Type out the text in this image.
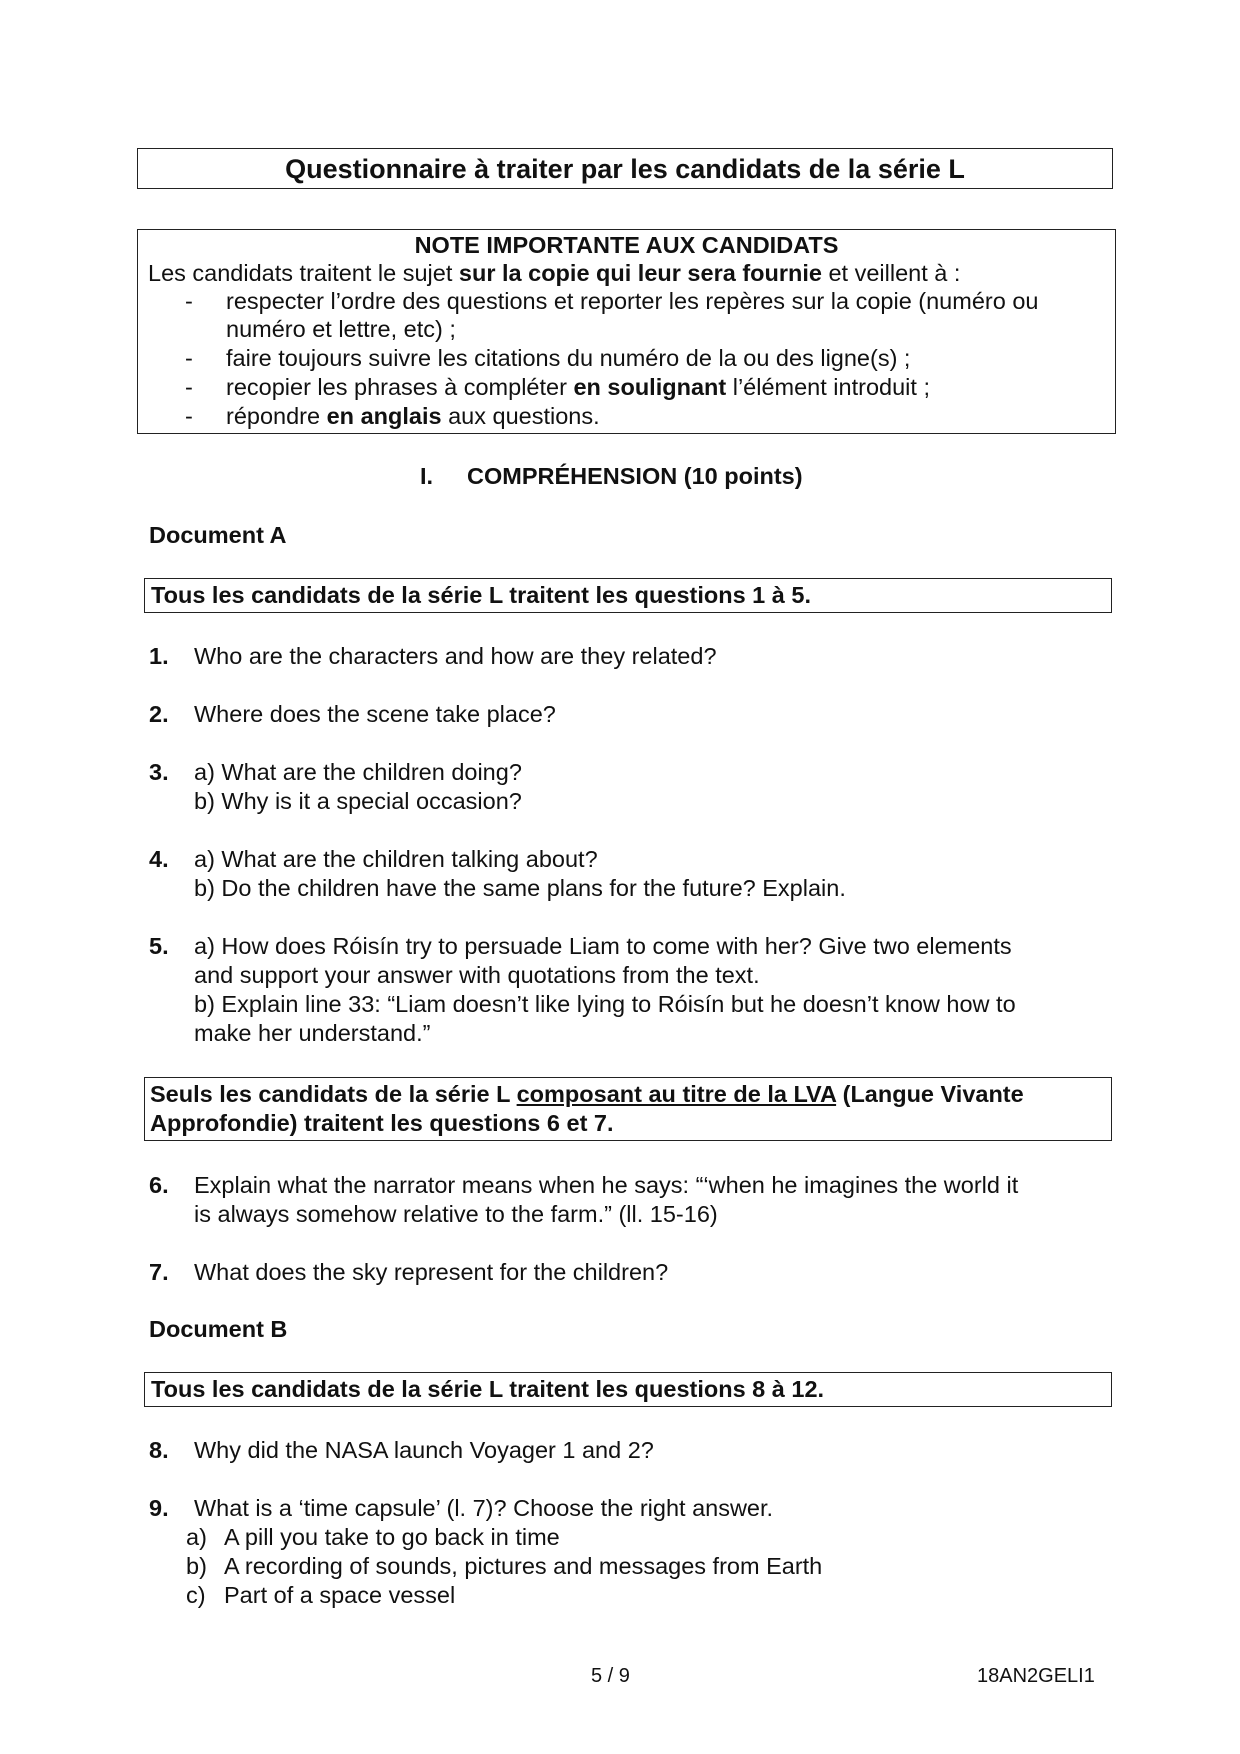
Questionnaire à traiter par les candidats de la série L
NOTE IMPORTANTE AUX CANDIDATS
Les candidats traitent le sujet sur la copie qui leur sera fournie et veillent à :
- respecter l’ordre des questions et reporter les repères sur la copie (numéro ou
numéro et lettre, etc) ;
- faire toujours suivre les citations du numéro de la ou des ligne(s) ;
- recopier les phrases à compléter en soulignant l’élément introduit ;
- répondre en anglais aux questions.
I. COMPRÉHENSION (10 points)
Document A
Tous les candidats de la série L traitent les questions 1 à 5.
1. Who are the characters and how are they related?
2. Where does the scene take place?
3. a) What are the children doing?
b) Why is it a special occasion?
4. a) What are the children talking about?
b) Do the children have the same plans for the future? Explain.
5. a) How does Róisín try to persuade Liam to come with her? Give two elements
and support your answer with quotations from the text.
b) Explain line 33: “Liam doesn’t like lying to Róisín but he doesn’t know how to
make her understand.”
Seuls les candidats de la série L composant au titre de la LVA (Langue Vivante
Approfondie) traitent les questions 6 et 7.
6. Explain what the narrator means when he says: “‘when he imagines the world it
is always somehow relative to the farm.” (ll. 15-16)
7. What does the sky represent for the children?
Document B
Tous les candidats de la série L traitent les questions 8 à 12.
8. Why did the NASA launch Voyager 1 and 2?
9. What is a ‘time capsule’ (l. 7)? Choose the right answer.
a) A pill you take to go back in time
b) A recording of sounds, pictures and messages from Earth
c) Part of a space vessel
5 / 9	18AN2GELI1
